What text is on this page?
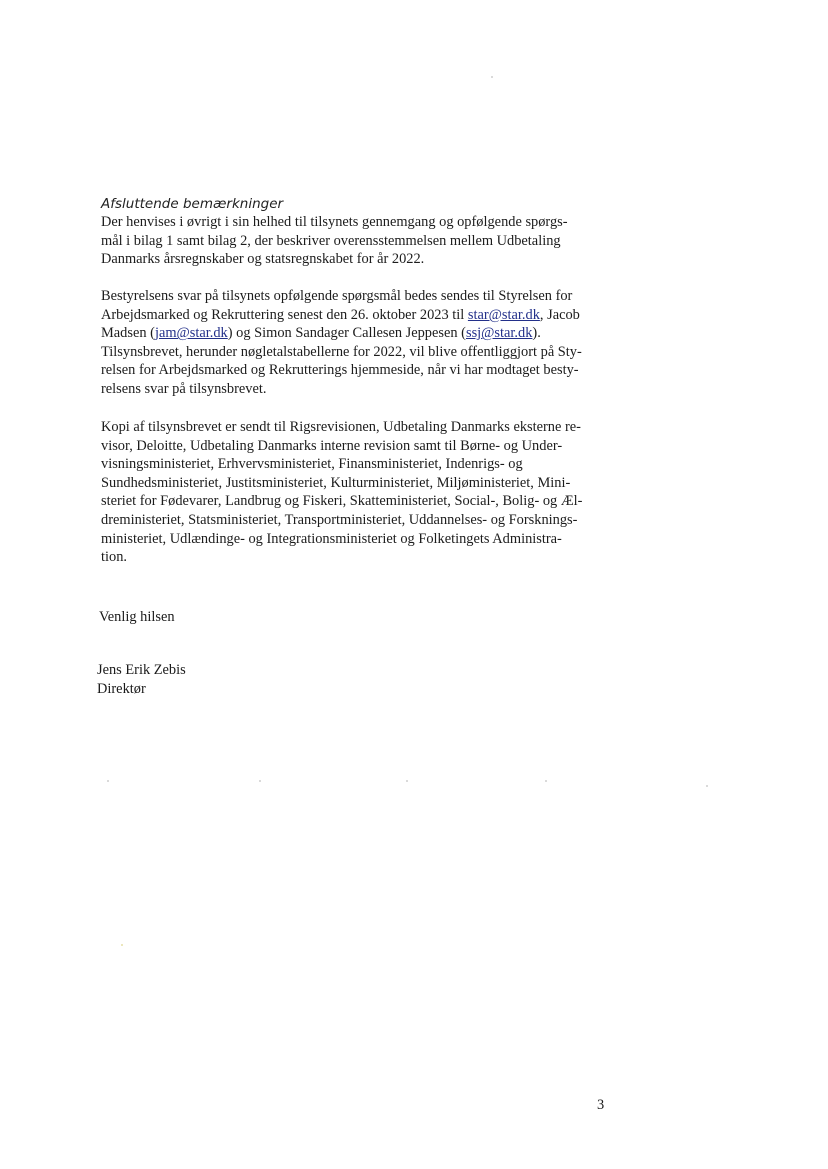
Afsluttende bemærkninger

Der henvises i øvrigt i sin helhed til tilsynets gennemgang og opfølgende spørgs-
mål i bilag 1 samt bilag 2, der beskriver overensstemmelsen mellem Udbetaling
Danmarks årsregnskaber og statsregnskabet for år 2022.

Bestyrelsens svar på tilsynets opfølgende spørgsmål bedes sendes til Styrelsen for
Arbejdsmarked og Rekruttering senest den 26. oktober 2023 til star@star.dk, Jacob
Madsen (jam@star.dk) og Simon Sandager Callesen Jeppesen (ssj@star.dk).
Tilsynsbrevet, herunder nøgletalstabellerne for 2022, vil blive offentliggjort på Sty-
relsen for Arbejdsmarked og Rekrutterings hjemmeside, når vi har modtaget besty-
relsens svar på tilsynsbrevet.

Kopi af tilsynsbrevet er sendt til Rigsrevisionen, Udbetaling Danmarks eksterne re-
visor, Deloitte, Udbetaling Danmarks interne revision samt til Børne- og Under-
visningsministeriet, Erhvervsministeriet, Finansministeriet, Indenrigs- og
Sundhedsministeriet, Justitsministeriet, Kulturministeriet, Miljøministeriet, Mini-
steriet for Fødevarer, Landbrug og Fiskeri, Skatteministeriet, Social-, Bolig- og Æl-
dreministeriet, Statsministeriet, Transportministeriet, Uddannelses- og Forsknings-
ministeriet, Udlændinge- og Integrationsministeriet og Folketingets Administra-
tion.

Venlig hilsen

Jens Erik Zebis

Direktør

3
